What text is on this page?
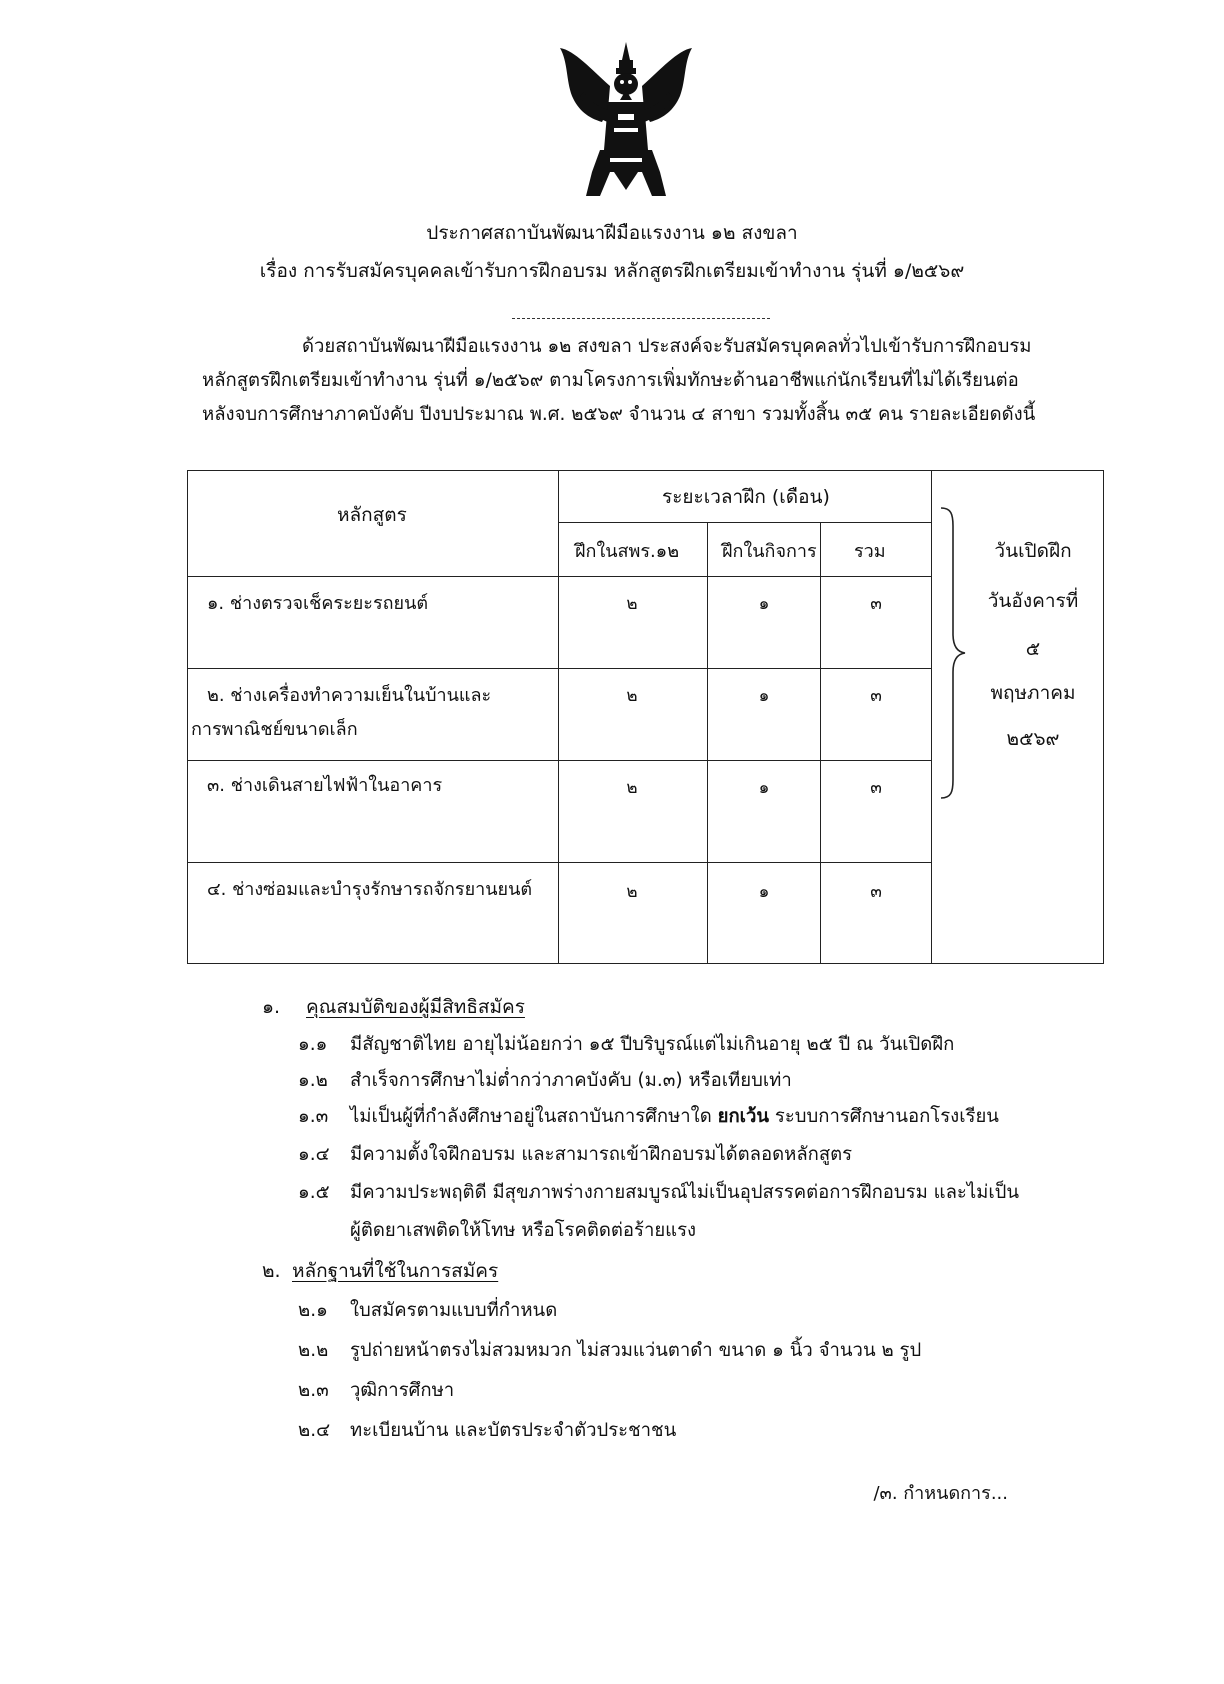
ประกาศสถาบันพัฒนาฝีมือแรงงาน ๑๒ สงขลา
เรื่อง การรับสมัครบุคคลเข้ารับการฝึกอบรม หลักสูตรฝึกเตรียมเข้าทำงาน รุ่นที่ ๑/๒๕๖๙
ด้วยสถาบันพัฒนาฝีมือแรงงาน ๑๒ สงขลา ประสงค์จะรับสมัครบุคคลทั่วไปเข้ารับการฝึกอบรม
หลักสูตรฝึกเตรียมเข้าทำงาน รุ่นที่ ๑/๒๕๖๙ ตามโครงการเพิ่มทักษะด้านอาชีพแก่นักเรียนที่ไม่ได้เรียนต่อ
หลังจบการศึกษาภาคบังคับ ปีงบประมาณ พ.ศ. ๒๕๖๙ จำนวน ๔ สาขา รวมทั้งสิ้น ๓๕ คน รายละเอียดดังนี้
หลักสูตร
ระยะเวลาฝึก (เดือน)
ฝึกในสพร.๑๒ ฝึกในกิจการ รวม
๑. ช่างตรวจเช็คระยะรถยนต์	๒	๑	๓
๒. ช่างเครื่องทำความเย็นในบ้านและ
การพาณิชย์ขนาดเล็ก
๒	๑	๓
๓. ช่างเดินสายไฟฟ้าในอาคาร	๒	๑	๓
๔. ช่างซ่อมและบำรุงรักษารถจักรยานยนต์	๒	๑	๓
วันเปิดฝึก
วันอังคารที่
๕
พฤษภาคม
๒๕๖๙
๑. คุณสมบัติของผู้มีสิทธิสมัคร
๑.๑ มีสัญชาติไทย อายุไม่น้อยกว่า ๑๕ ปีบริบูรณ์แต่ไม่เกินอายุ ๒๕ ปี ณ วันเปิดฝึก
๑.๒ สำเร็จการศึกษาไม่ต่ำกว่าภาคบังคับ (ม.๓) หรือเทียบเท่า
๑.๓ ไม่เป็นผู้ที่กำลังศึกษาอยู่ในสถาบันการศึกษาใด ยกเว้น ระบบการศึกษานอกโรงเรียน
๑.๔ มีความตั้งใจฝึกอบรม และสามารถเข้าฝึกอบรมได้ตลอดหลักสูตร
๑.๕ มีความประพฤติดี มีสุขภาพร่างกายสมบูรณ์ไม่เป็นอุปสรรคต่อการฝึกอบรม และไม่เป็น
ผู้ติดยาเสพติดให้โทษ หรือโรคติดต่อร้ายแรง
๒. หลักฐานที่ใช้ในการสมัคร
๒.๑ ใบสมัครตามแบบที่กำหนด
๒.๒ รูปถ่ายหน้าตรงไม่สวมหมวก ไม่สวมแว่นตาดำ ขนาด ๑ นิ้ว จำนวน ๒ รูป
๒.๓ วุฒิการศึกษา
๒.๔ ทะเบียนบ้าน และบัตรประจำตัวประชาชน
/๓. กำหนดการ...
